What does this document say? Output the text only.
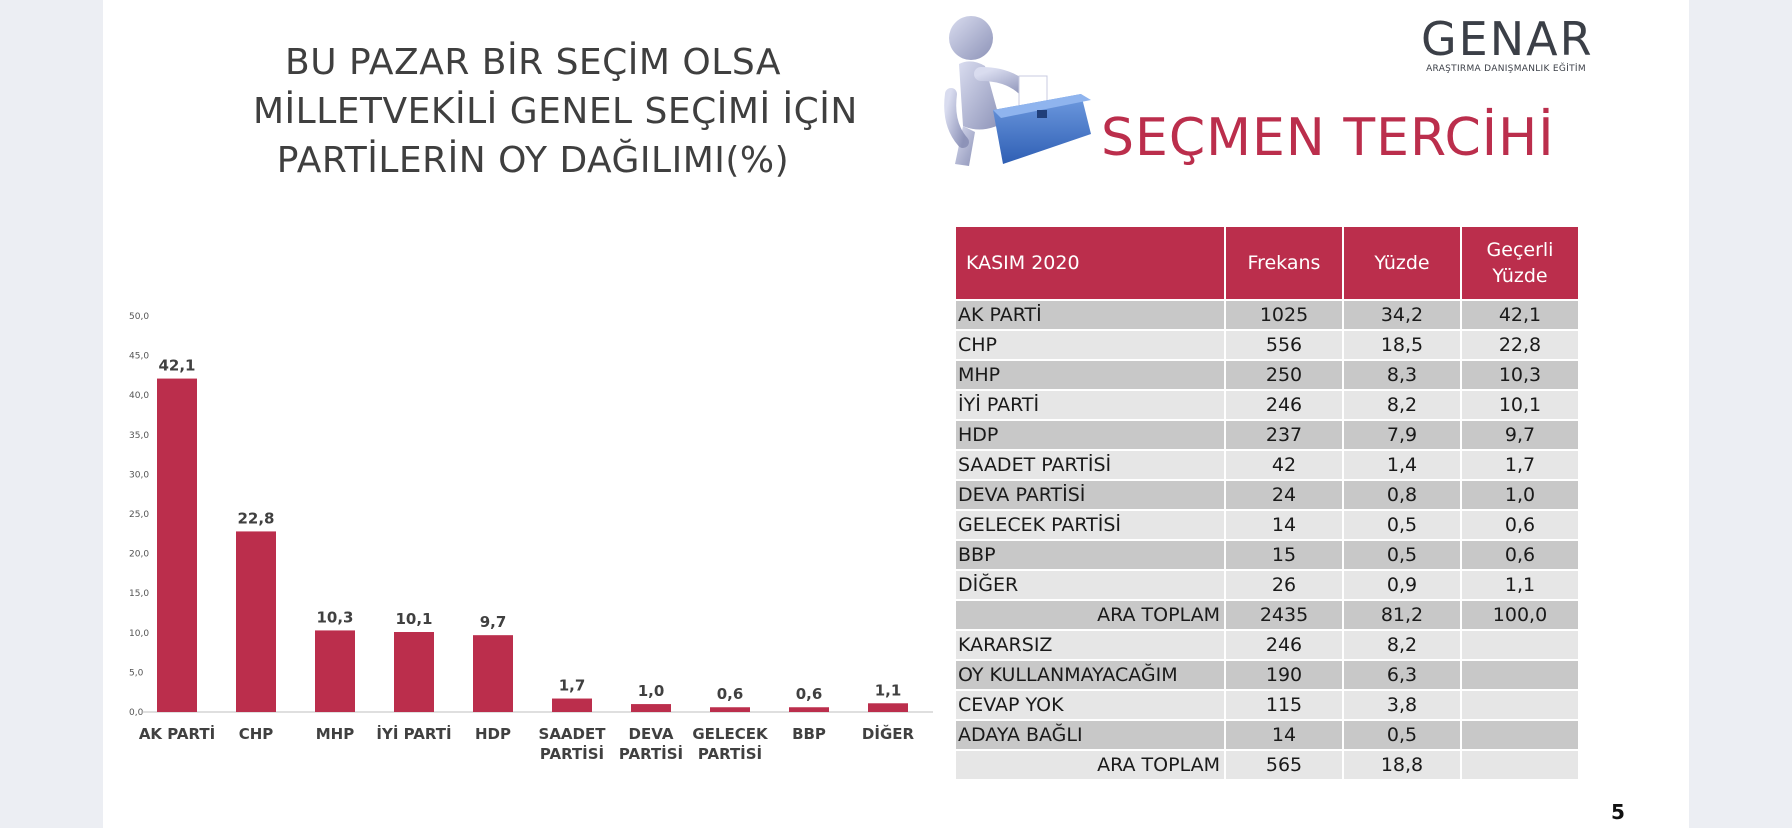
BU PAZAR BİR SEÇİM OLSA
MİLLETVEKİLİ GENEL SEÇİMİ İÇİN
PARTİLERİN OY DAĞILIMI(%)
0,0
5,0
10,0
15,0
20,0
25,0
30,0
35,0
40,0
45,0
50,0
42,1
AK PARTİ
22,8
CHP
10,3
MHP
10,1
İYİ PARTİ
9,7
HDP
1,7
SAADET
PARTİSİ
1,0
DEVA
PARTİSİ
0,6
GELECEK
PARTİSİ
0,6
BBP
1,1
DİĞER
GENAR
ARAŞTIRMA DANIŞMANLIK EĞİTİM
SEÇMEN TERCİHİ
KASIM 2020	Frekans	Yüzde	Geçerli Yüzde
AK PARTİ	1025	34,2	42,1
CHP	556	18,5	22,8
MHP	250	8,3	10,3
İYİ PARTİ	246	8,2	10,1
HDP	237	7,9	9,7
SAADET PARTİSİ	42	1,4	1,7
DEVA PARTİSİ	24	0,8	1,0
GELECEK PARTİSİ	14	0,5	0,6
BBP	15	0,5	0,6
DİĞER	26	0,9	1,1
ARA TOPLAM	2435	81,2	100,0
KARARSIZ	246	8,2	
OY KULLANMAYACAĞIM	190	6,3	
CEVAP YOK	115	3,8	
ADAYA BAĞLI	14	0,5	
ARA TOPLAM	565	18,8	
5
